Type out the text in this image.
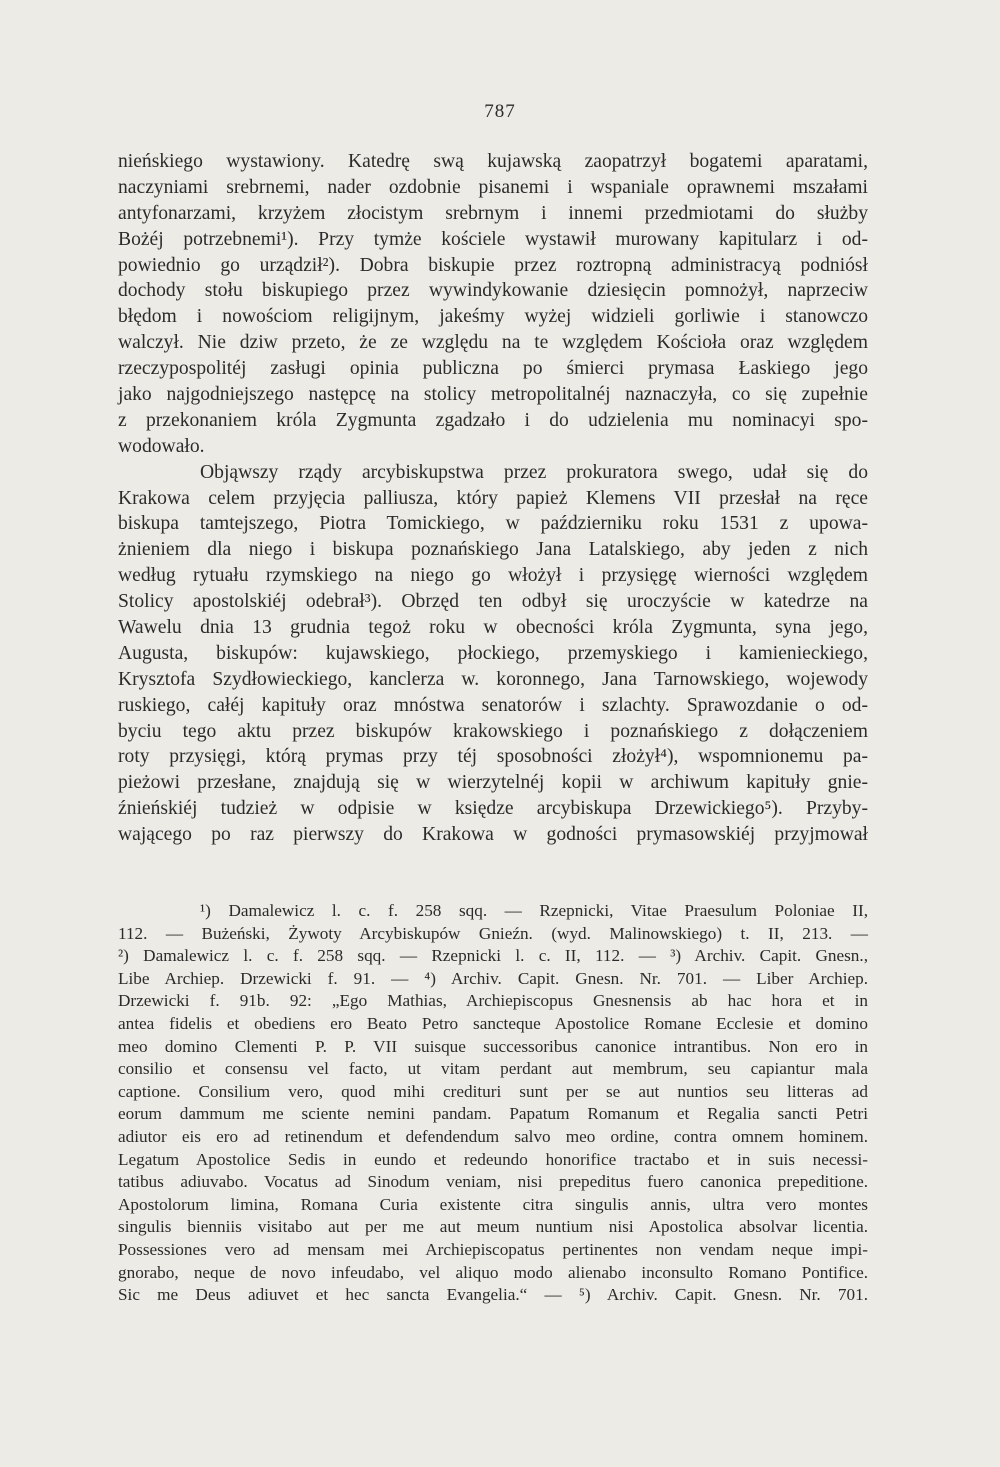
787
nieńskiego wystawiony. Katedrę swą kujawską zaopatrzył bogatemi aparatami,
naczyniami srebrnemi, nader ozdobnie pisanemi i wspaniale oprawnemi mszałami
antyfonarzami, krzyżem złocistym srebrnym i innemi przedmiotami do służby
Bożéj potrzebnemi¹). Przy tymże kościele wystawił murowany kapitularz i od-
powiednio go urządził²). Dobra biskupie przez roztropną administracyą podniósł
dochody stołu biskupiego przez wywindykowanie dziesięcin pomnożył, naprzeciw
błędom i nowościom religijnym, jakeśmy wyżej widzieli gorliwie i stanowczo
walczył. Nie dziw przeto, że ze względu na te względem Kościoła oraz względem
rzeczypospolitéj zasługi opinia publiczna po śmierci prymasa Łaskiego jego
jako najgodniejszego następcę na stolicy metropolitalnéj naznaczyła, co się zupełnie
z przekonaniem króla Zygmunta zgadzało i do udzielenia mu nominacyi spo-
wodowało.
Objąwszy rządy arcybiskupstwa przez prokuratora swego, udał się do
Krakowa celem przyjęcia palliusza, który papież Klemens VII przesłał na ręce
biskupa tamtejszego, Piotra Tomickiego, w październiku roku 1531 z upowa-
żnieniem dla niego i biskupa poznańskiego Jana Latalskiego, aby jeden z nich
według rytuału rzymskiego na niego go włożył i przysięgę wierności względem
Stolicy apostolskiéj odebrał³). Obrzęd ten odbył się uroczyście w katedrze na
Wawelu dnia 13 grudnia tegoż roku w obecności króla Zygmunta, syna jego,
Augusta, biskupów: kujawskiego, płockiego, przemyskiego i kamienieckiego,
Krysztofa Szydłowieckiego, kanclerza w. koronnego, Jana Tarnowskiego, wojewody
ruskiego, całéj kapituły oraz mnóstwa senatorów i szlachty. Sprawozdanie o od-
byciu tego aktu przez biskupów krakowskiego i poznańskiego z dołączeniem
roty przysięgi, którą prymas przy téj sposobności złożył⁴), wspomnionemu pa-
pieżowi przesłane, znajdują się w wierzytelnéj kopii w archiwum kapituły gnie-
źnieńskiéj tudzież w odpisie w księdze arcybiskupa Drzewickiego⁵). Przyby-
wającego po raz pierwszy do Krakowa w godności prymasowskiéj przyjmował
¹) Damalewicz l. c. f. 258 sqq. — Rzepnicki, Vitae Praesulum Poloniae II,
112. — Bużeński, Żywoty Arcybiskupów Gnieźn. (wyd. Malinowskiego) t. II, 213. —
²) Damalewicz l. c. f. 258 sqq. — Rzepnicki l. c. II, 112. — ³) Archiv. Capit. Gnesn.,
Libe Archiep. Drzewicki f. 91. — ⁴) Archiv. Capit. Gnesn. Nr. 701. — Liber Archiep.
Drzewicki f. 91b. 92: „Ego Mathias, Archiepiscopus Gnesnensis ab hac hora et in
antea fidelis et obediens ero Beato Petro sancteque Apostolice Romane Ecclesie et domino
meo domino Clementi P. P. VII suisque successoribus canonice intrantibus. Non ero in
consilio et consensu vel facto, ut vitam perdant aut membrum, seu capiantur mala
captione. Consilium vero, quod mihi credituri sunt per se aut nuntios seu litteras ad
eorum dammum me sciente nemini pandam. Papatum Romanum et Regalia sancti Petri
adiutor eis ero ad retinendum et defendendum salvo meo ordine, contra omnem hominem.
Legatum Apostolice Sedis in eundo et redeundo honorifice tractabo et in suis necessi-
tatibus adiuvabo. Vocatus ad Sinodum veniam, nisi prepeditus fuero canonica prepeditione.
Apostolorum limina, Romana Curia existente citra singulis annis, ultra vero montes
singulis bienniis visitabo aut per me aut meum nuntium nisi Apostolica absolvar licentia.
Possessiones vero ad mensam mei Archiepiscopatus pertinentes non vendam neque impi-
gnorabo, neque de novo infeudabo, vel aliquo modo alienabo inconsulto Romano Pontifice.
Sic me Deus adiuvet et hec sancta Evangelia.“ — ⁵) Archiv. Capit. Gnesn. Nr. 701.
